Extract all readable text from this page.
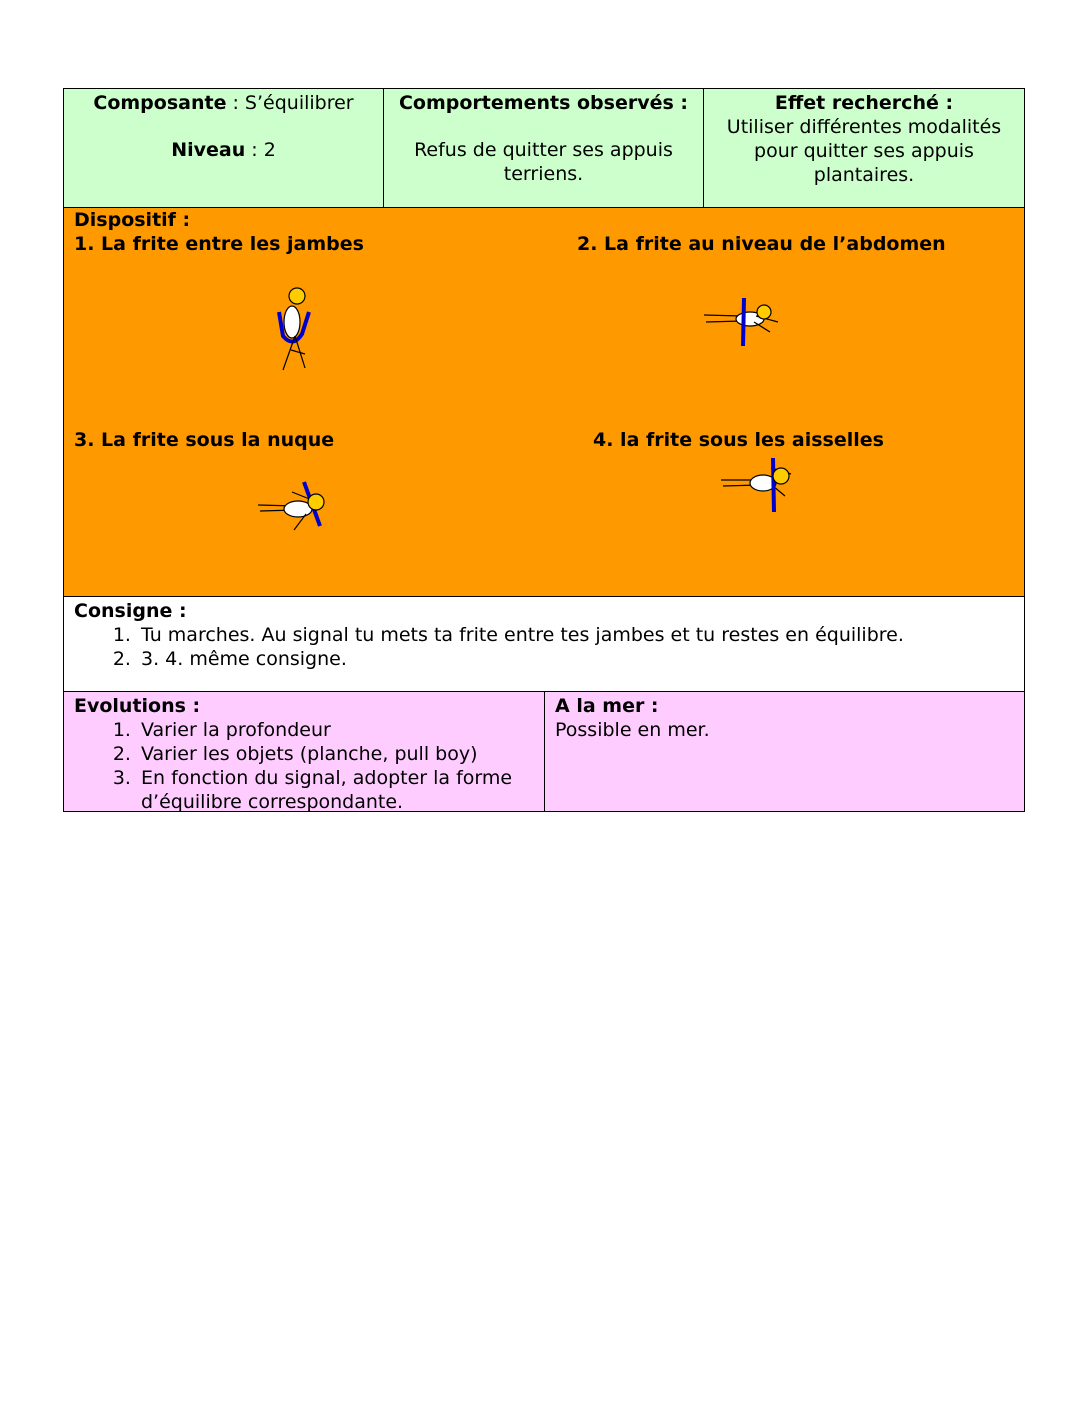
Composante : S’équilibrer
Niveau : 2
Comportements observés :
Refus de quitter ses appuis terriens.
Effet recherché :
Utiliser différentes modalités pour quitter ses appuis plantaires.
Dispositif :
1. La frite entre les jambes	2. La frite au niveau de l’abdomen
3. La frite sous la nuque	4. la frite sous les aisselles
Consigne :
1. Tu marches. Au signal tu mets ta frite entre tes jambes et tu restes en équilibre.
2. 3. 4. même consigne.
Evolutions :
1. Varier la profondeur
2. Varier les objets (planche, pull boy)
3. En fonction du signal, adopter la forme d’équilibre correspondante.
A la mer :
Possible en mer.
